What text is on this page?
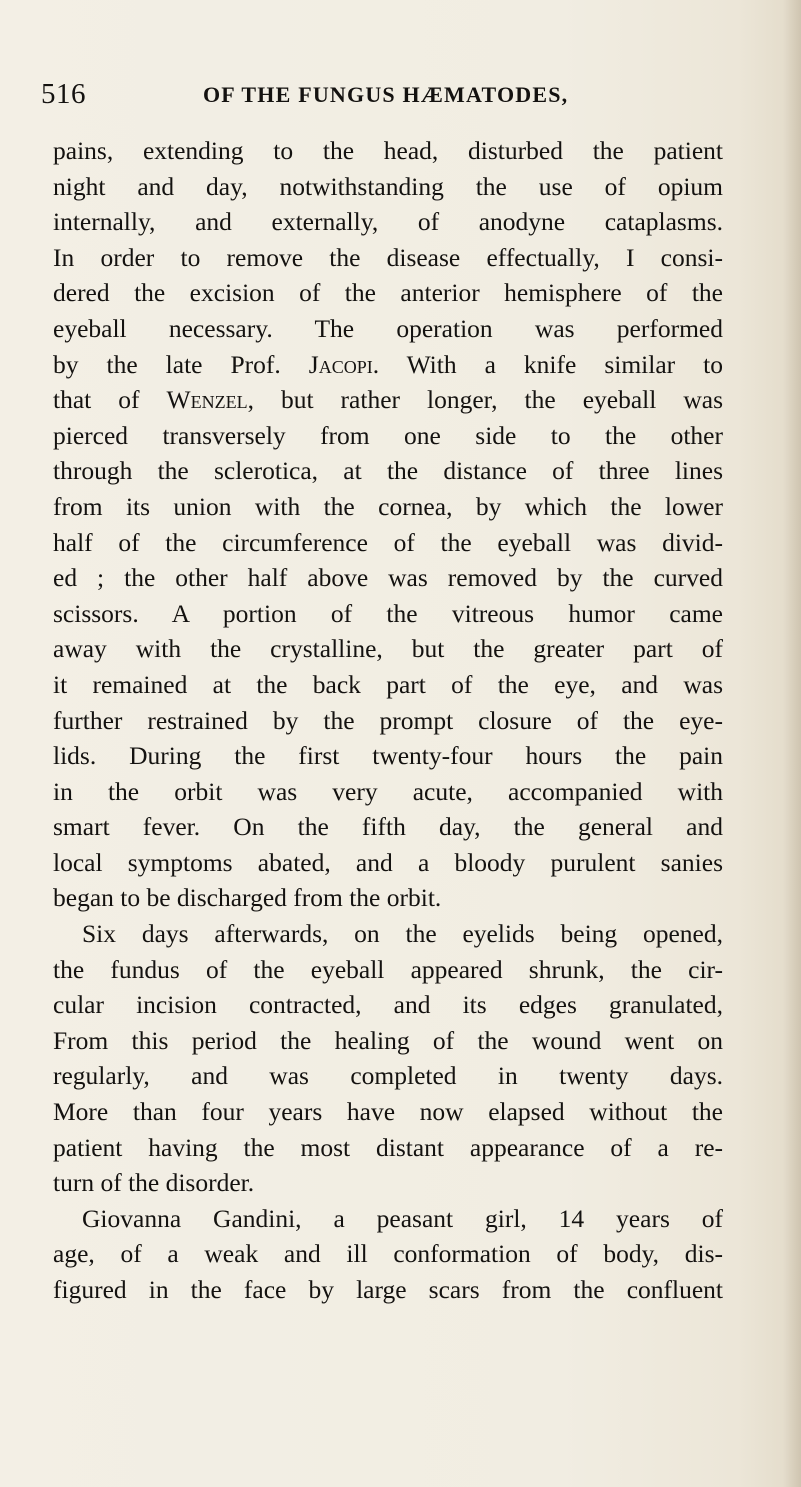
516	OF THE FUNGUS HÆMATODES,
pains, extending to the head, disturbed the patient
night and day, notwithstanding the use of opium
internally, and externally, of anodyne cataplasms.
In order to remove the disease effectually, I consi-
dered the excision of the anterior hemisphere of the
eyeball necessary. The operation was performed
by the late Prof. Jacopi. With a knife similar to
that of Wenzel, but rather longer, the eyeball was
pierced transversely from one side to the other
through the sclerotica, at the distance of three lines
from its union with the cornea, by which the lower
half of the circumference of the eyeball was divid-
ed ; the other half above was removed by the curved
scissors. A portion of the vitreous humor came
away with the crystalline, but the greater part of
it remained at the back part of the eye, and was
further restrained by the prompt closure of the eye-
lids. During the first twenty-four hours the pain
in the orbit was very acute, accompanied with
smart fever. On the fifth day, the general and
local symptoms abated, and a bloody purulent sanies
began to be discharged from the orbit.
Six days afterwards, on the eyelids being opened,
the fundus of the eyeball appeared shrunk, the cir-
cular incision contracted, and its edges granulated,
From this period the healing of the wound went on
regularly, and was completed in twenty days.
More than four years have now elapsed without the
patient having the most distant appearance of a re-
turn of the disorder.
Giovanna Gandini, a peasant girl, 14 years of
age, of a weak and ill conformation of body, dis-
figured in the face by large scars from the confluent
